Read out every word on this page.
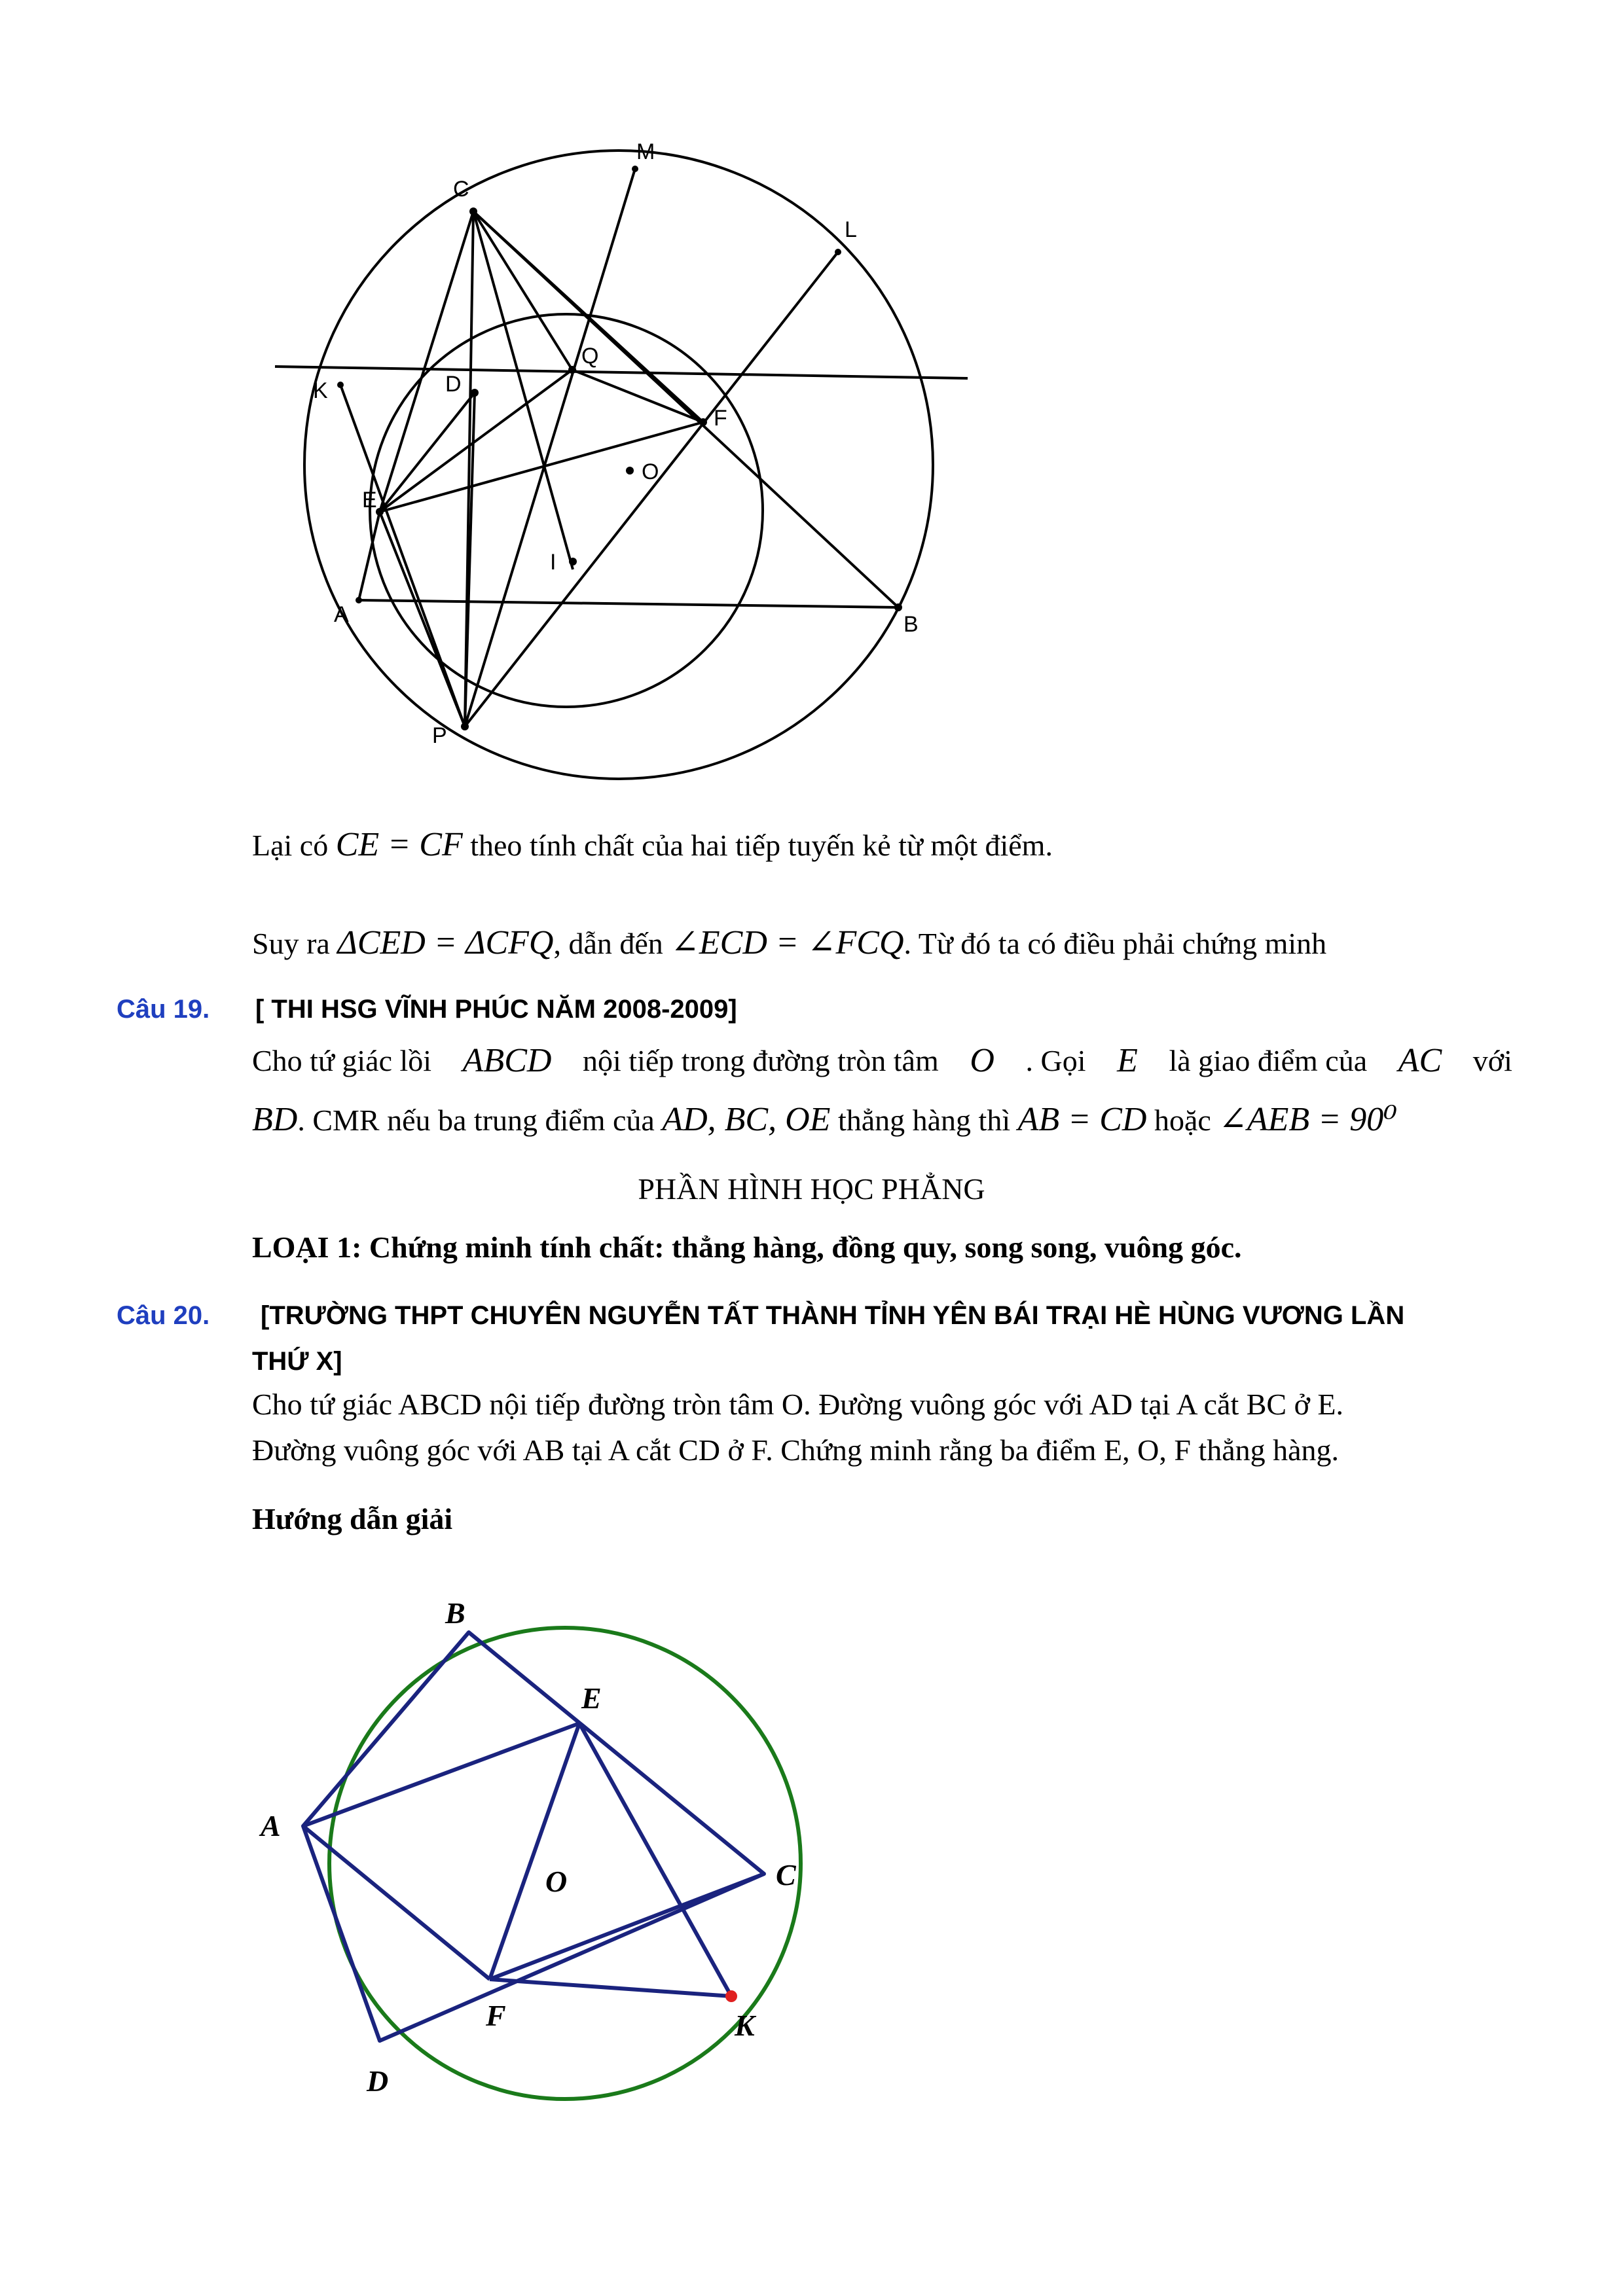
M
C
L
Q
K	D
F
O
E
I
A	B
P
Lại có CE = CF theo tính chất của hai tiếp tuyến kẻ từ một điểm.
Suy ra ΔCED = ΔCFQ, dẫn đến ∠ECD = ∠FCQ. Từ đó ta có điều phải chứng minh
Câu 19. [ THI HSG VĨNH PHÚC NĂM 2008-2009]
Cho tứ giác lồi ABCD nội tiếp trong đường tròn tâm O . Gọi E là giao điểm của AC với
BD. CMR nếu ba trung điểm của AD, BC, OE thẳng hàng thì AB = CD hoặc ∠AEB = 90⁰
PHẦN HÌNH HỌC PHẲNG
LOẠI 1: Chứng minh tính chất: thẳng hàng, đồng quy, song song, vuông góc.
Câu 20. [TRƯỜNG THPT CHUYÊN NGUYỄN TẤT THÀNH TỈNH YÊN BÁI TRẠI HÈ HÙNG VƯƠNG LẦN
THỨ X]
Cho tứ giác ABCD nội tiếp đường tròn tâm O. Đường vuông góc với AD tại A cắt BC ở E.
Đường vuông góc với AB tại A cắt CD ở F. Chứng minh rằng ba điểm E, O, F thẳng hàng.
Hướng dẫn giải
B
E
A
C
O
K
F
D
